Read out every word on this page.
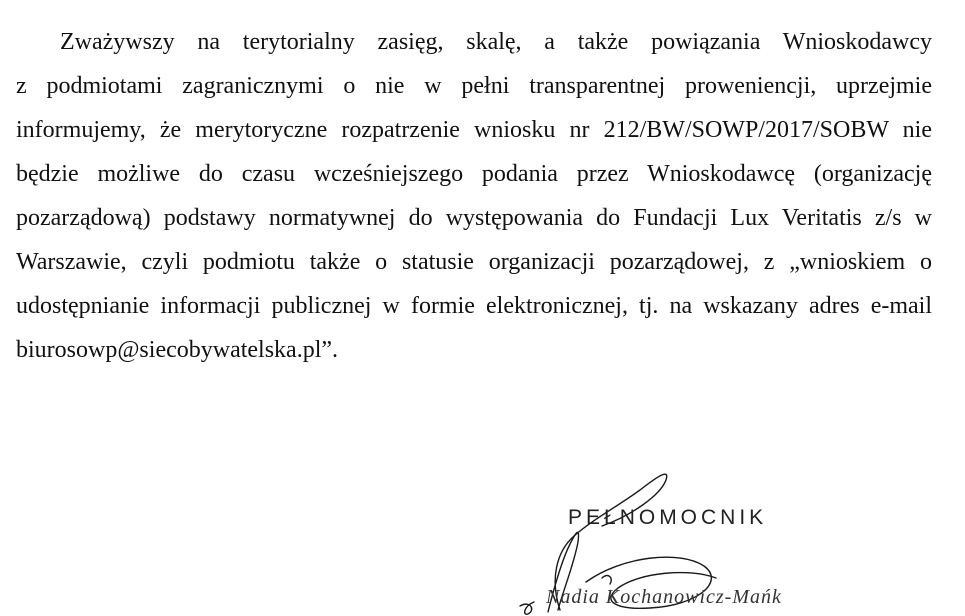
Zważywszy na terytorialny zasięg, skalę, a także powiązania Wnioskodawcy
z podmiotami zagranicznymi o nie w pełni transparentnej proweniencji, uprzejmie
informujemy, że merytoryczne rozpatrzenie wniosku nr 212/BW/SOWP/2017/SOBW nie
będzie możliwe do czasu wcześniejszego podania przez Wnioskodawcę (organizację
pozarządową) podstawy normatywnej do występowania do Fundacji Lux Veritatis z/s w
Warszawie, czyli podmiotu także o statusie organizacji pozarządowej, z „wnioskiem o
udostępnianie informacji publicznej w formie elektronicznej, tj. na wskazany adres e-mail
biurosowp@siecobywatelska.pl”.
PEŁNOMOCNIK
Nadia Kochanowicz-Mańk
